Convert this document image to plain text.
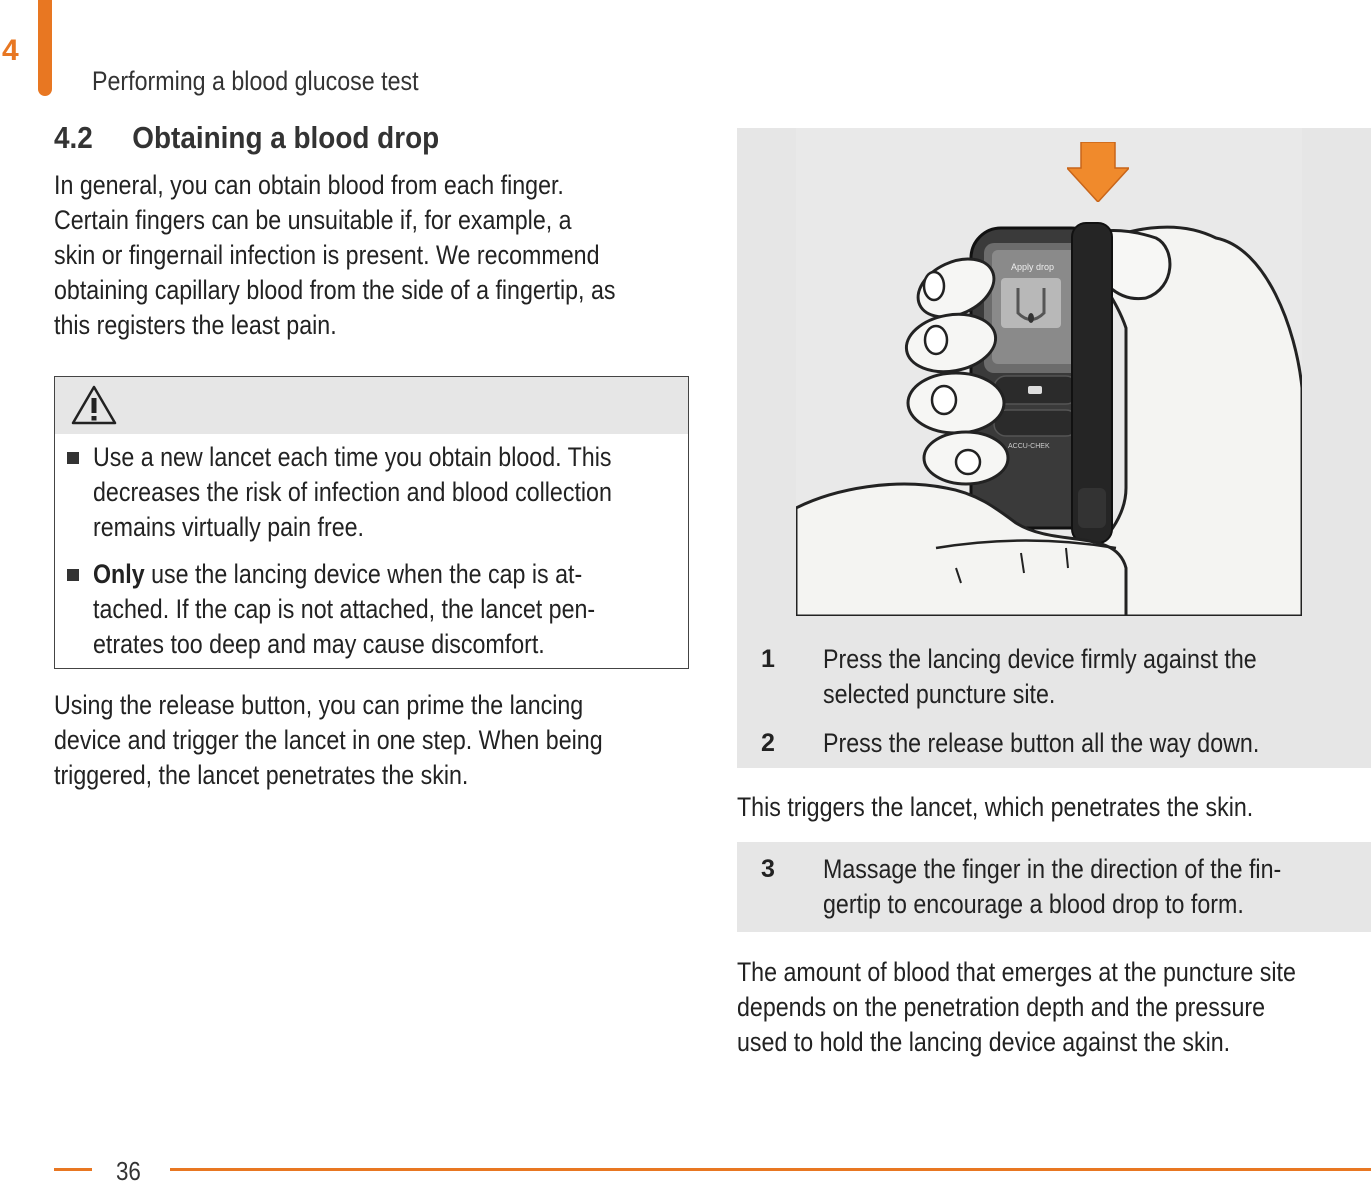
4
Performing a blood glucose test
4.2 Obtaining a blood drop
In general, you can obtain blood from each finger.
Certain fingers can be unsuitable if, for example, a
skin or fingernail infection is present. We recommend
obtaining capillary blood from the side of a fingertip, as
this registers the least pain.
Use a new lancet each time you obtain blood. This
decreases the risk of infection and blood collection
remains virtually pain free.
Only use the lancing device when the cap is at-
tached. If the cap is not attached, the lancet pen-
etrates too deep and may cause discomfort.
Using the release button, you can prime the lancing
device and trigger the lancet in one step. When being
triggered, the lancet penetrates the skin.
Apply drop
ACCU-CHEK
1 Press the lancing device firmly against the
selected puncture site.
2 Press the release button all the way down.
This triggers the lancet, which penetrates the skin.
3 Massage the finger in the direction of the fin-
gertip to encourage a blood drop to form.
The amount of blood that emerges at the puncture site
depends on the penetration depth and the pressure
used to hold the lancing device against the skin.
36
